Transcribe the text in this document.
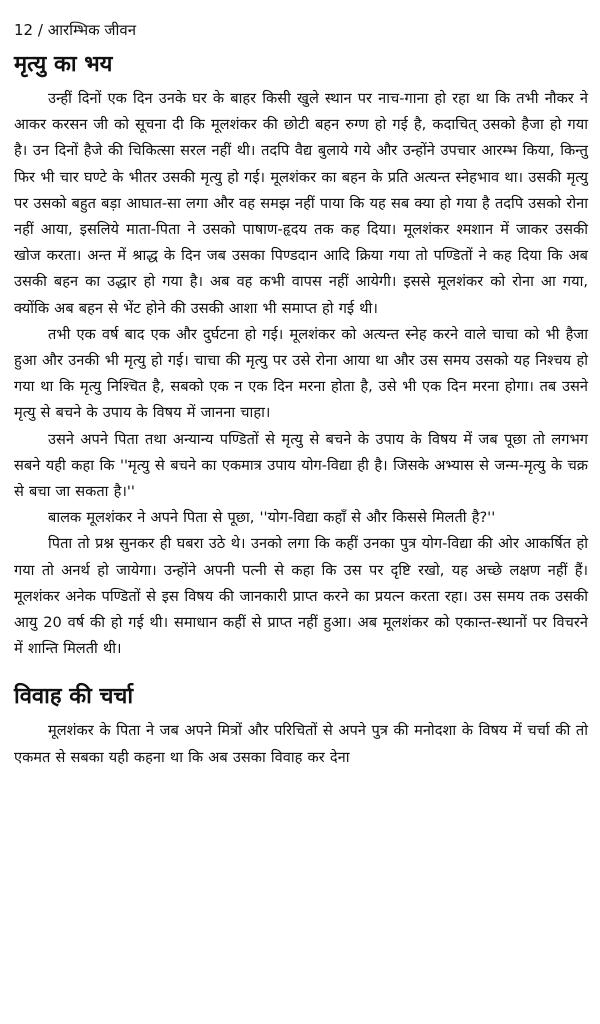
12 / आरम्भिक जीवन
मृत्यु का भय

उन्हीं दिनों एक दिन उनके घर के बाहर किसी खुले स्थान पर नाच-गाना हो रहा था कि तभी नौकर ने आकर करसन जी को सूचना दी कि मूलशंकर की छोटी बहन रुग्ण हो गई है, कदाचित् उसको हैजा हो गया है। उन दिनों हैजे की चिकित्सा सरल नहीं थी। तदपि वैद्य बुलाये गये और उन्होंने उपचार आरम्भ किया, किन्तु फिर भी चार घण्टे के भीतर उसकी मृत्यु हो गई। मूलशंकर का बहन के प्रति अत्यन्त स्नेहभाव था। उसकी मृत्यु पर उसको बहुत बड़ा आघात-सा लगा और वह समझ नहीं पाया कि यह सब क्या हो गया है तदपि उसको रोना नहीं आया, इसलिये माता-पिता ने उसको पाषाण-हृदय तक कह दिया। मूलशंकर श्मशान में जाकर उसकी खोज करता। अन्त में श्राद्ध के दिन जब उसका पिण्डदान आदि क्रिया गया तो पण्डितों ने कह दिया कि अब उसकी बहन का उद्धार हो गया है। अब वह कभी वापस नहीं आयेगी। इससे मूलशंकर को रोना आ गया, क्योंकि अब बहन से भेंट होने की उसकी आशा भी समाप्त हो गई थी।

तभी एक वर्ष बाद एक और दुर्घटना हो गई। मूलशंकर को अत्यन्त स्नेह करने वाले चाचा को भी हैजा हुआ और उनकी भी मृत्यु हो गई। चाचा की मृत्यु पर उसे रोना आया था और उस समय उसको यह निश्चय हो गया था कि मृत्यु निश्चित है, सबको एक न एक दिन मरना होता है, उसे भी एक दिन मरना होगा। तब उसने मृत्यु से बचने के उपाय के विषय में जानना चाहा।

उसने अपने पिता तथा अन्यान्य पण्डितों से मृत्यु से बचने के उपाय के विषय में जब पूछा तो लगभग सबने यही कहा कि ''मृत्यु से बचने का एकमात्र उपाय योग-विद्या ही है। जिसके अभ्यास से जन्म-मृत्यु के चक्र से बचा जा सकता है।''

बालक मूलशंकर ने अपने पिता से पूछा, ''योग-विद्या कहाँ से और किससे मिलती है?''

पिता तो प्रश्न सुनकर ही घबरा उठे थे। उनको लगा कि कहीं उनका पुत्र योग-विद्या की ओर आकर्षित हो गया तो अनर्थ हो जायेगा। उन्होंने अपनी पत्नी से कहा कि उस पर दृष्टि रखो, यह अच्छे लक्षण नहीं हैं। मूलशंकर अनेक पण्डितों से इस विषय की जानकारी प्राप्त करने का प्रयत्न करता रहा। उस समय तक उसकी आयु 20 वर्ष की हो गई थी। समाधान कहीं से प्राप्त नहीं हुआ। अब मूलशंकर को एकान्त-स्थानों पर विचरने में शान्ति मिलती थी।

विवाह की चर्चा

मूलशंकर के पिता ने जब अपने मित्रों और परिचितों से अपने पुत्र की मनोदशा के विषय में चर्चा की तो एकमत से सबका यही कहना था कि अब उसका विवाह कर देना
